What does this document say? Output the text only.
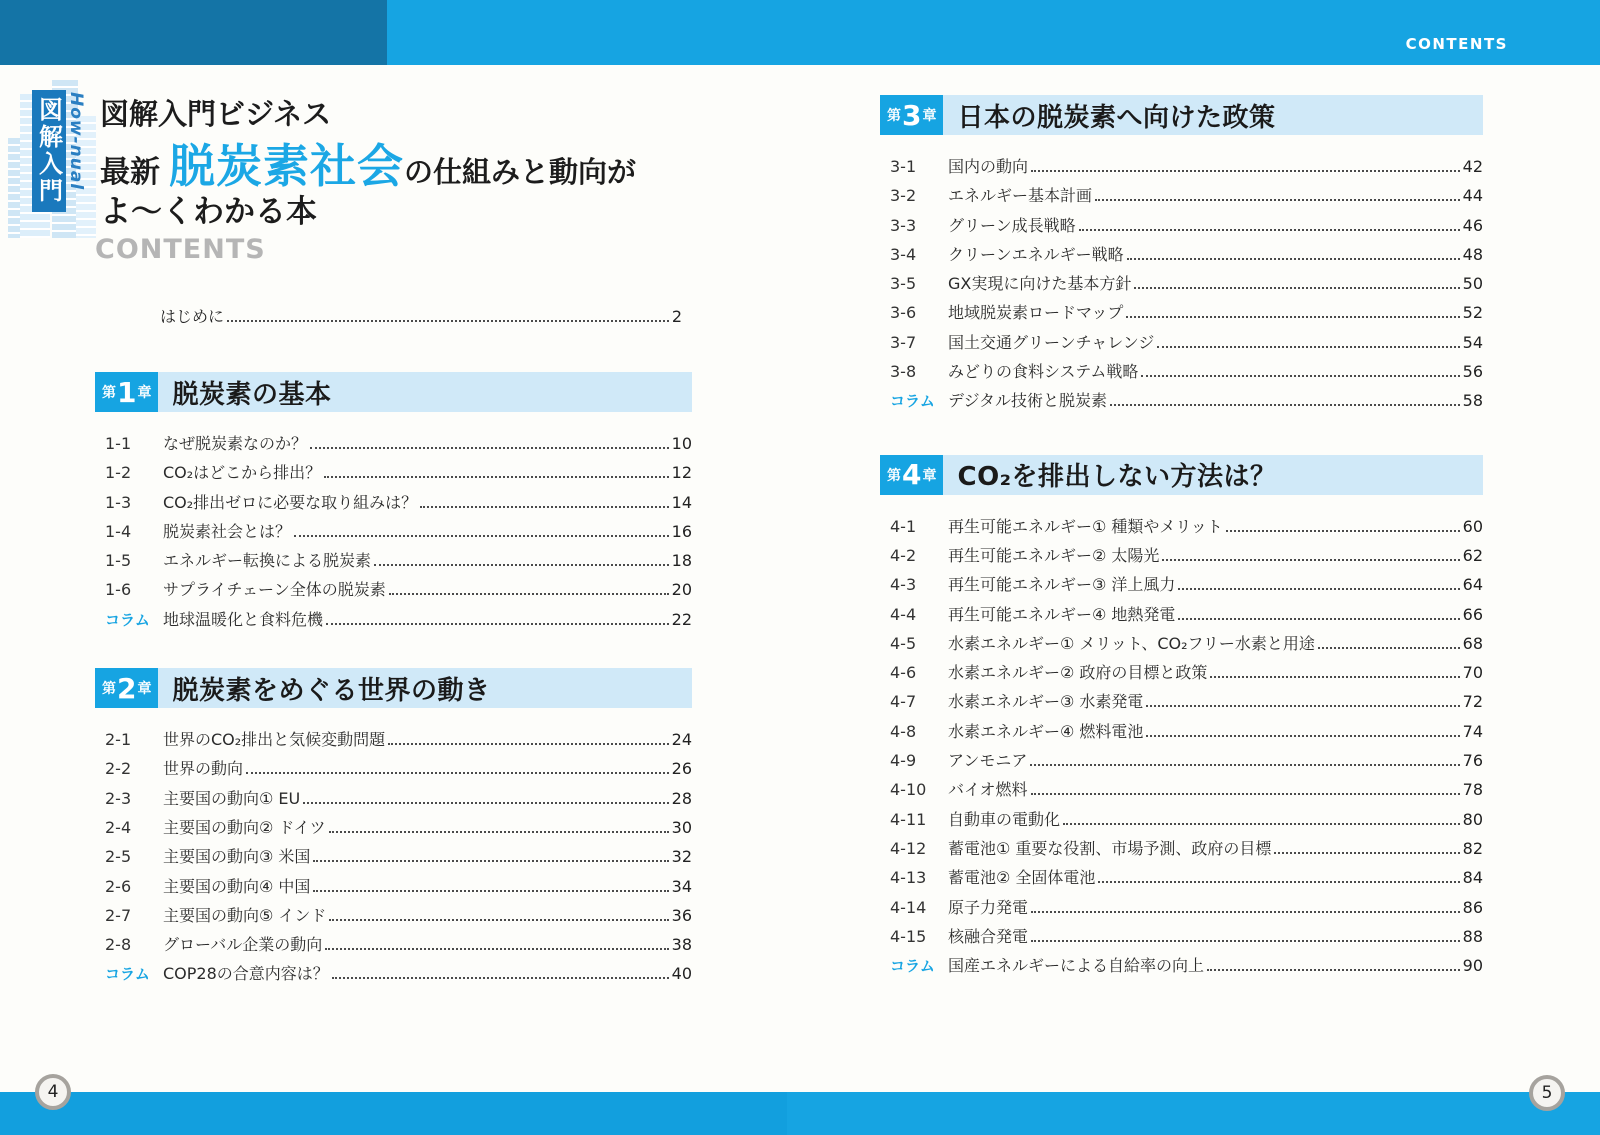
CONTENTS
図解入門 How-nual 図解入門ビジネス
最新 脱炭素社会 の仕組みと動向が
よ〜くわかる本
CONTENTS
はじめに	2
第 1 章 脱炭素の基本
1-1	なぜ脱炭素なのか？	10
1-2	CO₂はどこから排出？	12
1-3	CO₂排出ゼロに必要な取り組みは？	14
1-4	脱炭素社会とは？	16
1-5	エネルギー転換による脱炭素	18
1-6	サプライチェーン全体の脱炭素	20
コラム 地球温暖化と食料危機	22
第 2 章 脱炭素をめぐる世界の動き
2-1	世界のCO₂排出と気候変動問題	24
2-2	世界の動向	26
2-3	主要国の動向① EU	28
2-4	主要国の動向② ドイツ	30
2-5	主要国の動向③ 米国	32
2-6	主要国の動向④ 中国	34
2-7	主要国の動向⑤ インド	36
2-8	グローバル企業の動向	38
コラム COP28の合意内容は？	40
第 3 章 日本の脱炭素へ向けた政策
3-1	国内の動向	42
3-2	エネルギー基本計画	44
3-3	グリーン成長戦略	46
3-4	クリーンエネルギー戦略	48
3-5	GX実現に向けた基本方針	50
3-6	地域脱炭素ロードマップ	52
3-7	国土交通グリーンチャレンジ	54
3-8	みどりの食料システム戦略	56
コラム デジタル技術と脱炭素	58
第 4 章 CO₂を排出しない方法は？
4-1	再生可能エネルギー① 種類やメリット	60
4-2	再生可能エネルギー② 太陽光	62
4-3	再生可能エネルギー③ 洋上風力	64
4-4	再生可能エネルギー④ 地熱発電	66
4-5	水素エネルギー① メリット、CO₂フリー水素と用途	68
4-6	水素エネルギー② 政府の目標と政策	70
4-7	水素エネルギー③ 水素発電	72
4-8	水素エネルギー④ 燃料電池	74
4-9	アンモニア	76
4-10	バイオ燃料	78
4-11	自動車の電動化	80
4-12	蓄電池① 重要な役割、市場予測、政府の目標	82
4-13	蓄電池② 全固体電池	84
4-14	原子力発電	86
4-15	核融合発電	88
コラム 国産エネルギーによる自給率の向上	90
4	5
